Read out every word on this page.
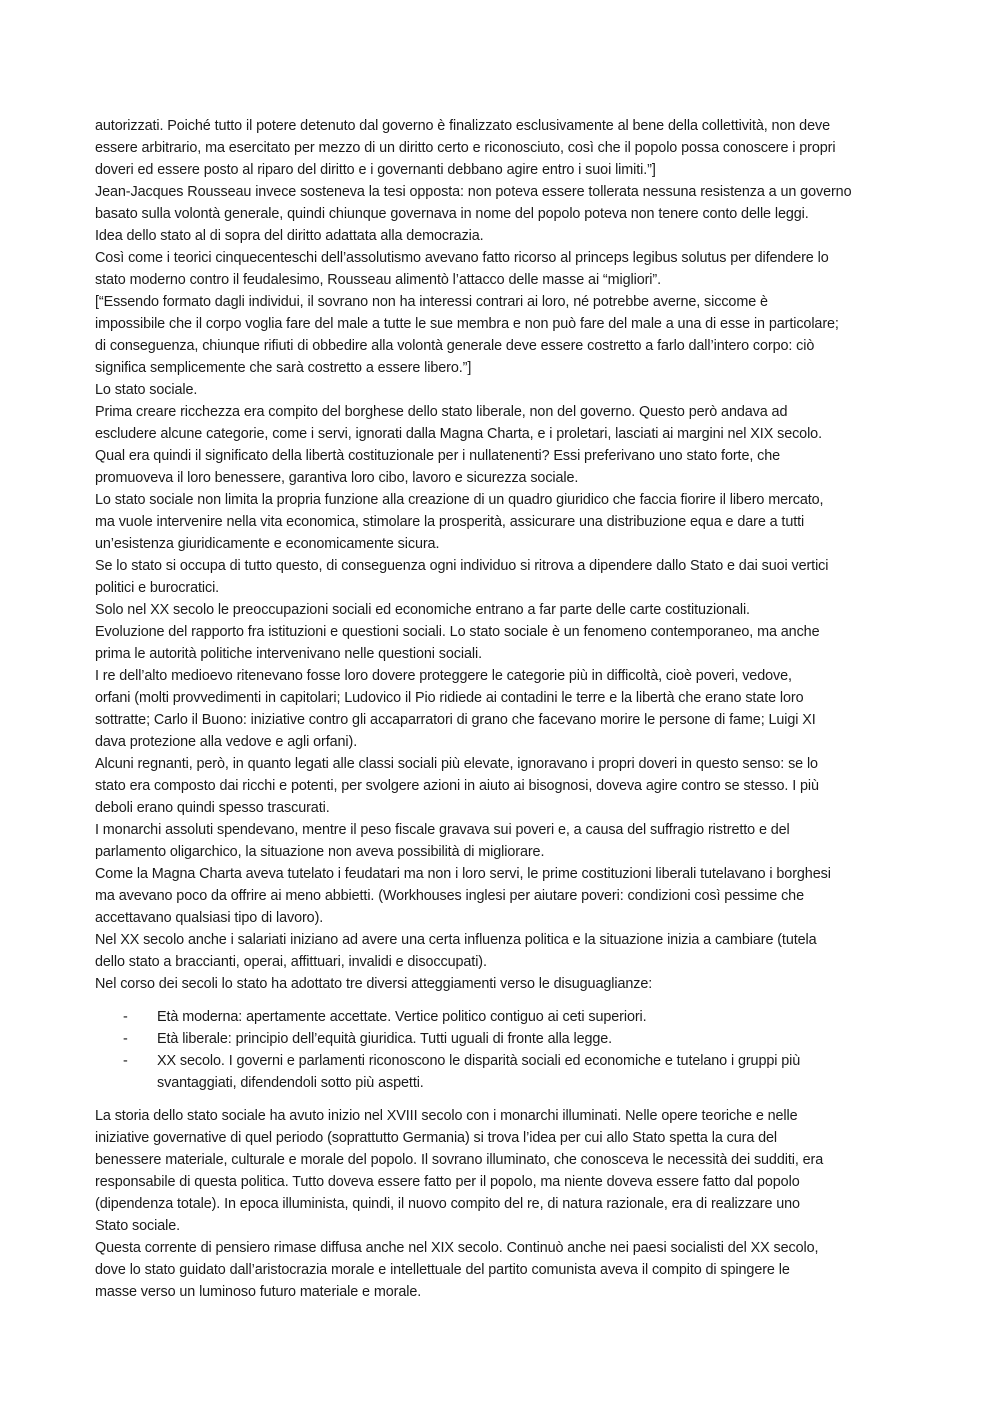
autorizzati. Poiché tutto il potere detenuto dal governo è finalizzato esclusivamente al bene della collettività, non deve
essere arbitrario, ma esercitato per mezzo di un diritto certo e riconosciuto, così che il popolo possa conoscere i propri
doveri ed essere posto al riparo del diritto e i governanti debbano agire entro i suoi limiti.”]
Jean-Jacques Rousseau invece sosteneva la tesi opposta: non poteva essere tollerata nessuna resistenza a un governo
basato sulla volontà generale, quindi chiunque governava in nome del popolo poteva non tenere conto delle leggi.
Idea dello stato al di sopra del diritto adattata alla democrazia.
Così come i teorici cinquecenteschi dell’assolutismo avevano fatto ricorso al princeps legibus solutus per difendere lo
stato moderno contro il feudalesimo, Rousseau alimentò l’attacco delle masse ai “migliori”.
[“Essendo formato dagli individui, il sovrano non ha interessi contrari ai loro, né potrebbe averne, siccome è
impossibile che il corpo voglia fare del male a tutte le sue membra e non può fare del male a una di esse in particolare;
di conseguenza, chiunque rifiuti di obbedire alla volontà generale deve essere costretto a farlo dall’intero corpo: ciò
significa semplicemente che sarà costretto a essere libero.”]
Lo stato sociale.
Prima creare ricchezza era compito del borghese dello stato liberale, non del governo. Questo però andava ad
escludere alcune categorie, come i servi, ignorati dalla Magna Charta, e i proletari, lasciati ai margini nel XIX secolo.
Qual era quindi il significato della libertà costituzionale per i nullatenenti? Essi preferivano uno stato forte, che
promuoveva il loro benessere, garantiva loro cibo, lavoro e sicurezza sociale.
Lo stato sociale non limita la propria funzione alla creazione di un quadro giuridico che faccia fiorire il libero mercato,
ma vuole intervenire nella vita economica, stimolare la prosperità, assicurare una distribuzione equa e dare a tutti
un’esistenza giuridicamente e economicamente sicura.
Se lo stato si occupa di tutto questo, di conseguenza ogni individuo si ritrova a dipendere dallo Stato e dai suoi vertici
politici e burocratici.
Solo nel XX secolo le preoccupazioni sociali ed economiche entrano a far parte delle carte costituzionali.
Evoluzione del rapporto fra istituzioni e questioni sociali. Lo stato sociale è un fenomeno contemporaneo, ma anche
prima le autorità politiche intervenivano nelle questioni sociali.
I re dell’alto medioevo ritenevano fosse loro dovere proteggere le categorie più in difficoltà, cioè poveri, vedove,
orfani (molti provvedimenti in capitolari; Ludovico il Pio ridiede ai contadini le terre e la libertà che erano state loro
sottratte; Carlo il Buono: iniziative contro gli accaparratori di grano che facevano morire le persone di fame; Luigi XI
dava protezione alla vedove e agli orfani).
Alcuni regnanti, però, in quanto legati alle classi sociali più elevate, ignoravano i propri doveri in questo senso: se lo
stato era composto dai ricchi e potenti, per svolgere azioni in aiuto ai bisognosi, doveva agire contro se stesso. I più
deboli erano quindi spesso trascurati.
I monarchi assoluti spendevano, mentre il peso fiscale gravava sui poveri e, a causa del suffragio ristretto e del
parlamento oligarchico, la situazione non aveva possibilità di migliorare.
Come la Magna Charta aveva tutelato i feudatari ma non i loro servi, le prime costituzioni liberali tutelavano i borghesi
ma avevano poco da offrire ai meno abbietti. (Workhouses inglesi per aiutare poveri: condizioni così pessime che
accettavano qualsiasi tipo di lavoro).
Nel XX secolo anche i salariati iniziano ad avere una certa influenza politica e la situazione inizia a cambiare (tutela
dello stato a braccianti, operai, affittuari, invalidi e disoccupati).
Nel corso dei secoli lo stato ha adottato tre diversi atteggiamenti verso le disuguaglianze:
-	Età moderna: apertamente accettate. Vertice politico contiguo ai ceti superiori.
-	Età liberale: principio dell’equità giuridica. Tutti uguali di fronte alla legge.
-	XX secolo. I governi e parlamenti riconoscono le disparità sociali ed economiche e tutelano i gruppi più
svantaggiati, difendendoli sotto più aspetti.
La storia dello stato sociale ha avuto inizio nel XVIII secolo con i monarchi illuminati. Nelle opere teoriche e nelle
iniziative governative di quel periodo (soprattutto Germania) si trova l’idea per cui allo Stato spetta la cura del
benessere materiale, culturale e morale del popolo. Il sovrano illuminato, che conosceva le necessità dei sudditi, era
responsabile di questa politica. Tutto doveva essere fatto per il popolo, ma niente doveva essere fatto dal popolo
(dipendenza totale). In epoca illuminista, quindi, il nuovo compito del re, di natura razionale, era di realizzare uno
Stato sociale.
Questa corrente di pensiero rimase diffusa anche nel XIX secolo. Continuò anche nei paesi socialisti del XX secolo,
dove lo stato guidato dall’aristocrazia morale e intellettuale del partito comunista aveva il compito di spingere le
masse verso un luminoso futuro materiale e morale.
